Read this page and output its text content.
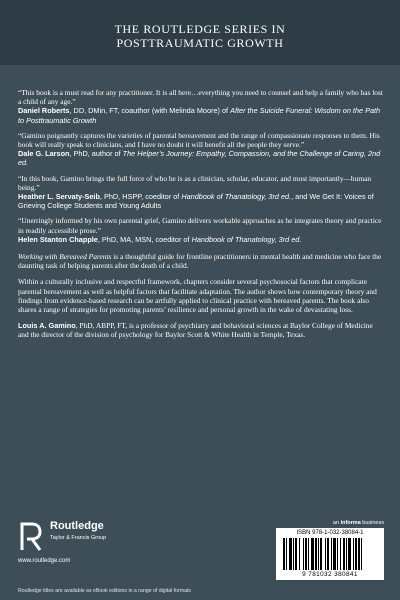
THE ROUTLEDGE SERIES IN
POSTTRAUMATIC GROWTH
“This book is a must read for any practitioner. It is all here…everything you need to counsel and help a family who has lost a child of any age.”
Daniel Roberts, DD, DMin, FT, coauthor (with Melinda Moore) of After the Suicide Funeral: Wisdom on the Path to Posttraumatic Growth
“Gamino poignantly captures the varieties of parental bereavement and the range of compassionate responses to them. His book will really speak to clinicians, and I have no doubt it will benefit all the people they serve.”
Dale G. Larson, PhD, author of The Helper’s Journey: Empathy, Compassion, and the Challenge of Caring, 2nd ed.
“In this book, Gamino brings the full force of who he is as a clinician, scholar, educator, and most importantly—human being.”
Heather L. Servaty-Seib, PhD, HSPP, coeditor of Handbook of Thanatology, 3rd ed., and We Get It: Voices of Grieving College Students and Young Adults
“Unerringly informed by his own parental grief, Gamino delivers workable approaches as he integrates theory and practice in readily accessible prose.”
Helen Stanton Chapple, PhD, MA, MSN, coeditor of Handbook of Thanatology, 3rd ed.
Working with Bereaved Parents is a thoughtful guide for frontline practitioners in mental health and medicine who face the daunting task of helping parents after the death of a child.
Within a culturally inclusive and respectful framework, chapters consider several psychosocial factors that complicate parental bereavement as well as helpful factors that facilitate adaptation. The author shows how contemporary theory and findings from evidence-based research can be artfully applied to clinical practice with bereaved parents. The book also shares a range of strategies for promoting parents’ resilience and personal growth in the wake of devastating loss.
Louis A. Gamino, PhD, ABPP, FT, is a professor of psychiatry and behavioral sciences at Baylor College of Medicine and the director of the division of psychology for Baylor Scott & White Health in Temple, Texas.
Routledge
Taylor & Francis Group
www.routledge.com
an informa business
ISBN 978-1-032-38084-1
9 781032 380841
Routledge titles are available as eBook editions in a range of digital formats
